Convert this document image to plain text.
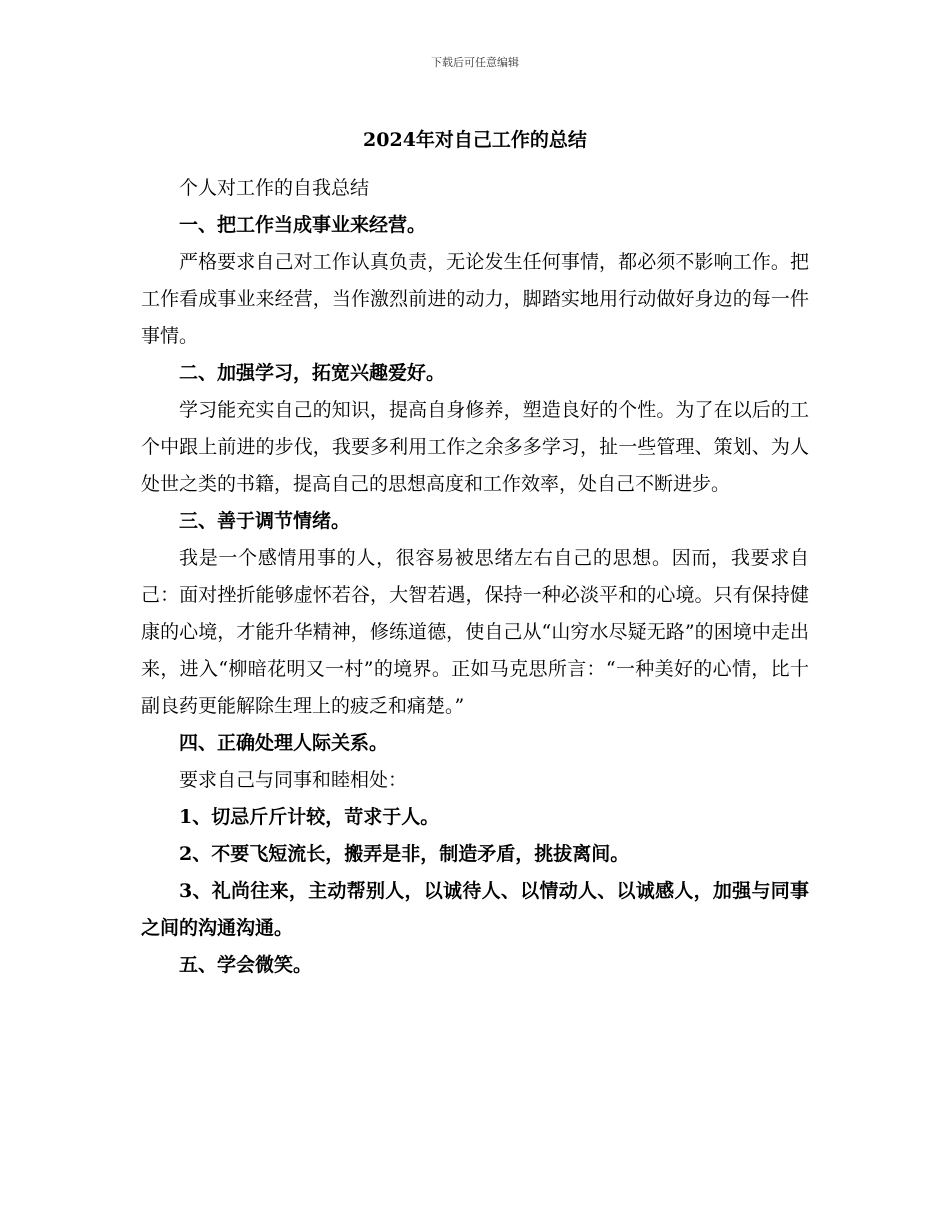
下载后可任意编辑
2024年对自己工作的总结

个人对工作的自我总结

一、把工作当成事业来经营。

严格要求自己对工作认真负责，无论发生任何事情，都必须不影响工作。把工作看成事业来经营，当作激烈前进的动力，脚踏实地用行动做好身边的每一件事情。

二、加强学习，拓宽兴趣爱好。

学习能充实自己的知识，提高自身修养，塑造良好的个性。为了在以后的工个中跟上前进的步伐，我要多利用工作之余多多学习，扯一些管理、策划、为人处世之类的书籍，提高自己的思想高度和工作效率，处自己不断进步。

三、善于调节情绪。

我是一个感情用事的人，很容易被思绪左右自己的思想。因而，我要求自己：面对挫折能够虚怀若谷，大智若遇，保持一种必淡平和的心境。只有保持健康的心境，才能升华精神，修练道德，使自己从“山穷水尽疑无路”的困境中走出来，进入“柳暗花明又一村”的境界。正如马克思所言：“一种美好的心情，比十副良药更能解除生理上的疲乏和痛楚。”

四、正确处理人际关系。

要求自己与同事和睦相处：

1、切忌斤斤计较，苛求于人。

2、不要飞短流长，搬弄是非，制造矛盾，挑拔离间。

3、礼尚往来，主动帮别人，以诚待人、以情动人、以诚感人，加强与同事之间的沟通沟通。

五、学会微笑。
